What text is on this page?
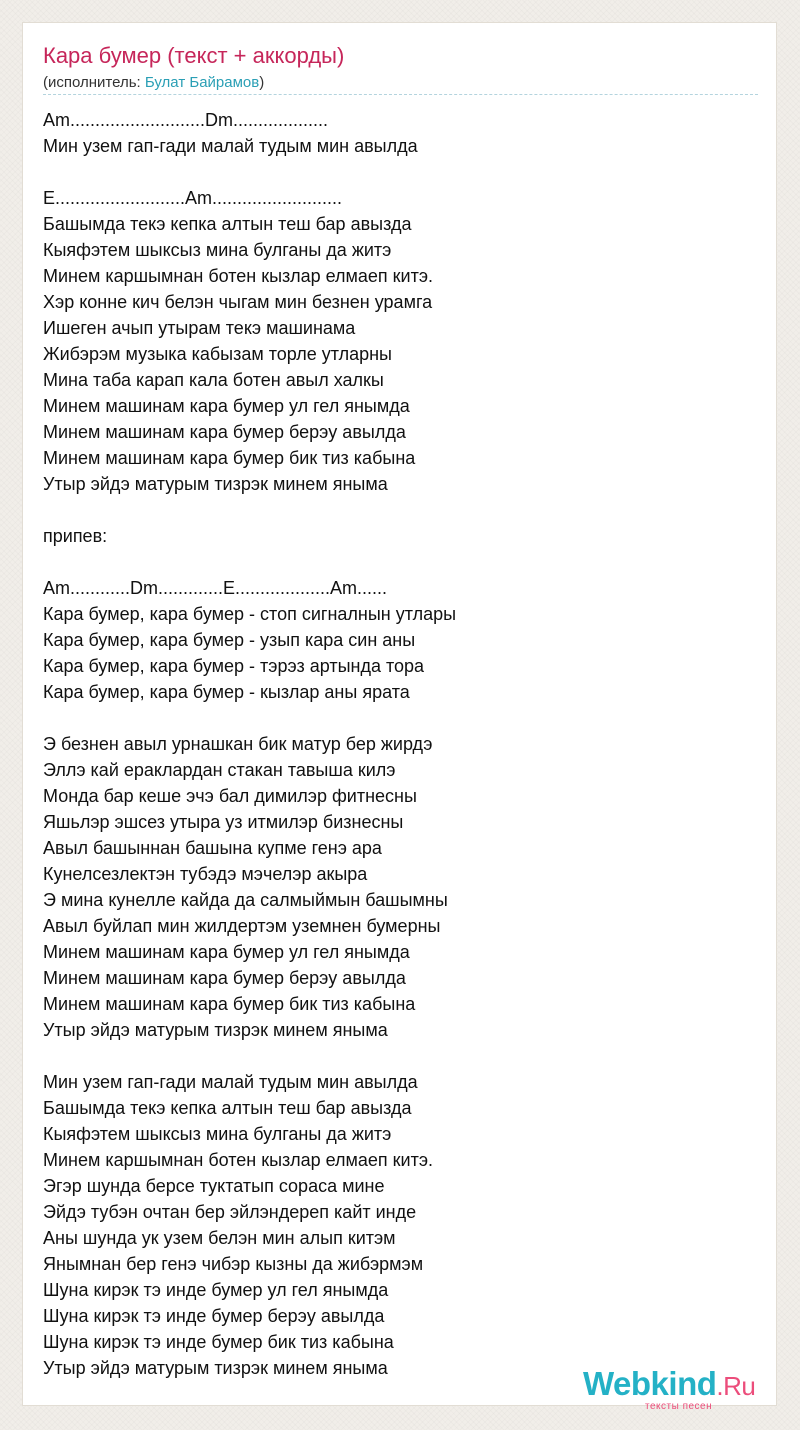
Кара бумер (текст + аккорды)
(исполнитель: Булат Байрамов)
Am...........................Dm...................
Мин узем гап-гади малай тудым мин авылда
E..........................Am..........................
Башымда текэ кепка алтын теш бар авызда
Кыяфэтем шыксыз мина булганы да житэ
Минем каршымнан ботен кызлар елмаеп китэ.
Хэр конне кич белэн чыгам мин безнен урамга
Ишеген ачып утырам текэ машинама
Жибэрэм музыка кабызам торле утларны
Мина таба карап кала ботен авыл халкы
Минем машинам кара бумер ул гел янымда
Минем машинам кара бумер берэу авылда
Минем машинам кара бумер бик тиз кабына
Утыр эйдэ матурым тизрэк минем яныма
припев:
Am............Dm.............E...................Am......
Кара бумер, кара бумер - стоп сигналнын утлары
Кара бумер, кара бумер - узып кара син аны
Кара бумер, кара бумер - тэрэз артында тора
Кара бумер, кара бумер - кызлар аны ярата
Э безнен авыл урнашкан бик матур бер жирдэ
Эллэ кай ераклардан стакан тавыша килэ
Монда бар кеше эчэ бал димилэр фитнесны
Яшьлэр эшсез утыра уз итмилэр бизнесны
Авыл башыннан башына купме генэ ара
Кунелсезлектэн тубэдэ мэчелэр акыра
Э мина кунелле кайда да салмыймын башымны
Авыл буйлап мин жилдертэм уземнен бумерны
Минем машинам кара бумер ул гел янымда
Минем машинам кара бумер берэу авылда
Минем машинам кара бумер бик тиз кабына
Утыр эйдэ матурым тизрэк минем яныма
Мин узем гап-гади малай тудым мин авылда
Башымда текэ кепка алтын теш бар авызда
Кыяфэтем шыксыз мина булганы да житэ
Минем каршымнан ботен кызлар елмаеп китэ.
Эгэр шунда берсе туктатып сораса мине
Эйдэ тубэн очтан бер эйлэндереп кайт инде
Аны шунда ук узем белэн мин алып китэм
Янымнан бер генэ чибэр кызны да жибэрмэм
Шуна кирэк тэ инде бумер ул гел янымда
Шуна кирэк тэ инде бумер берэу авылда
Шуна кирэк тэ инде бумер бик тиз кабына
Утыр эйдэ матурым тизрэк минем яныма	Webkind.Ru
тексты песен
